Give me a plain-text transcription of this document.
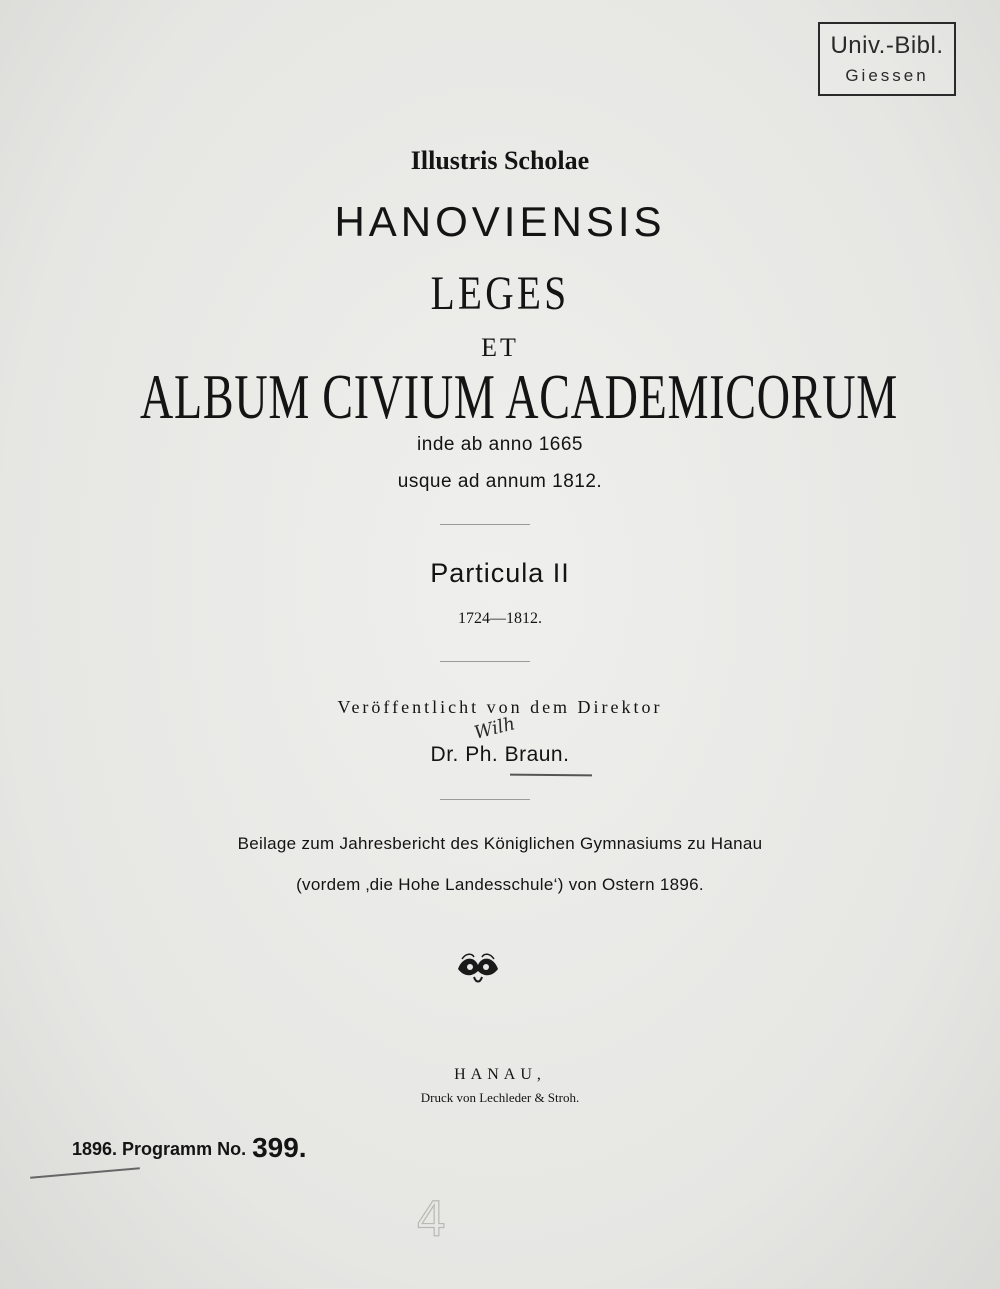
Univ.-Bibl.
Giessen
Illustris Scholae
HANOVIENSIS
LEGES
ET
ALBUM CIVIUM ACADEMICORUM
inde ab anno 1665
usque ad annum 1812.
Particula II
1724—1812.
Veröffentlicht von dem Direktor
Wilh
Dr. Ph. Braun.
Beilage zum Jahresbericht des Königlichen Gymnasiums zu Hanau
(vordem ‚die Hohe Landesschule‘) von Ostern 1896.
HANAU,
Druck von Lechleder & Stroh.
1896. Programm No. 399.
4
